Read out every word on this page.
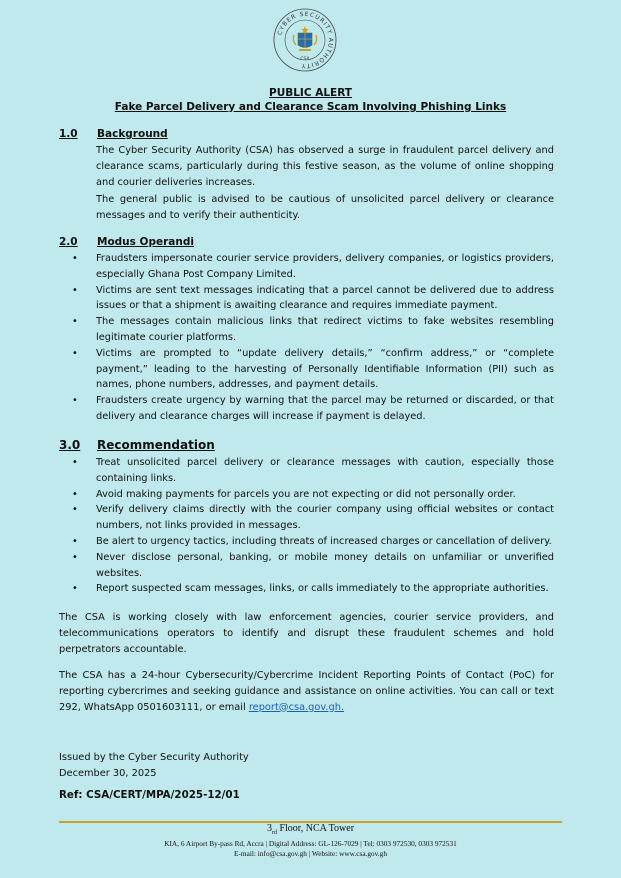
CYBER SECURITY AUTHORITY
CSA
PUBLIC ALERT
Fake Parcel Delivery and Clearance Scam Involving Phishing Links
1.0 Background
The Cyber Security Authority (CSA) has observed a surge in fraudulent parcel delivery and clearance scams, particularly during this festive season, as the volume of online shopping and courier deliveries increases.
The general public is advised to be cautious of unsolicited parcel delivery or clearance messages and to verify their authenticity.
2.0 Modus Operandi
• Fraudsters impersonate courier service providers, delivery companies, or logistics providers, especially Ghana Post Company Limited.
• Victims are sent text messages indicating that a parcel cannot be delivered due to address issues or that a shipment is awaiting clearance and requires immediate payment.
• The messages contain malicious links that redirect victims to fake websites resembling legitimate courier platforms.
• Victims are prompted to “update delivery details,” “confirm address,” or “complete payment,” leading to the harvesting of Personally Identifiable Information (PII) such as names, phone numbers, addresses, and payment details.
• Fraudsters create urgency by warning that the parcel may be returned or discarded, or that delivery and clearance charges will increase if payment is delayed.
3.0 Recommendation
• Treat unsolicited parcel delivery or clearance messages with caution, especially those containing links.
• Avoid making payments for parcels you are not expecting or did not personally order.
• Verify delivery claims directly with the courier company using official websites or contact numbers, not links provided in messages.
• Be alert to urgency tactics, including threats of increased charges or cancellation of delivery.
• Never disclose personal, banking, or mobile money details on unfamiliar or unverified websites.
• Report suspected scam messages, links, or calls immediately to the appropriate authorities.
The CSA is working closely with law enforcement agencies, courier service providers, and telecommunications operators to identify and disrupt these fraudulent schemes and hold perpetrators accountable.
The CSA has a 24-hour Cybersecurity/Cybercrime Incident Reporting Points of Contact (PoC) for reporting cybercrimes and seeking guidance and assistance on online activities. You can call or text 292, WhatsApp 0501603111, or email report@csa.gov.gh.
Issued by the Cyber Security Authority
December 30, 2025
Ref: CSA/CERT/MPA/2025-12/01
$3_{rd}$ Floor, NCA Tower
KIA, 6 Airport By-pass Rd, Accra | Digital Address: GL-126-7029 | Tel: 0303 972530, 0303 972531
E-mail: info@csa.gov.gh | Website: www.csa.gov.gh
